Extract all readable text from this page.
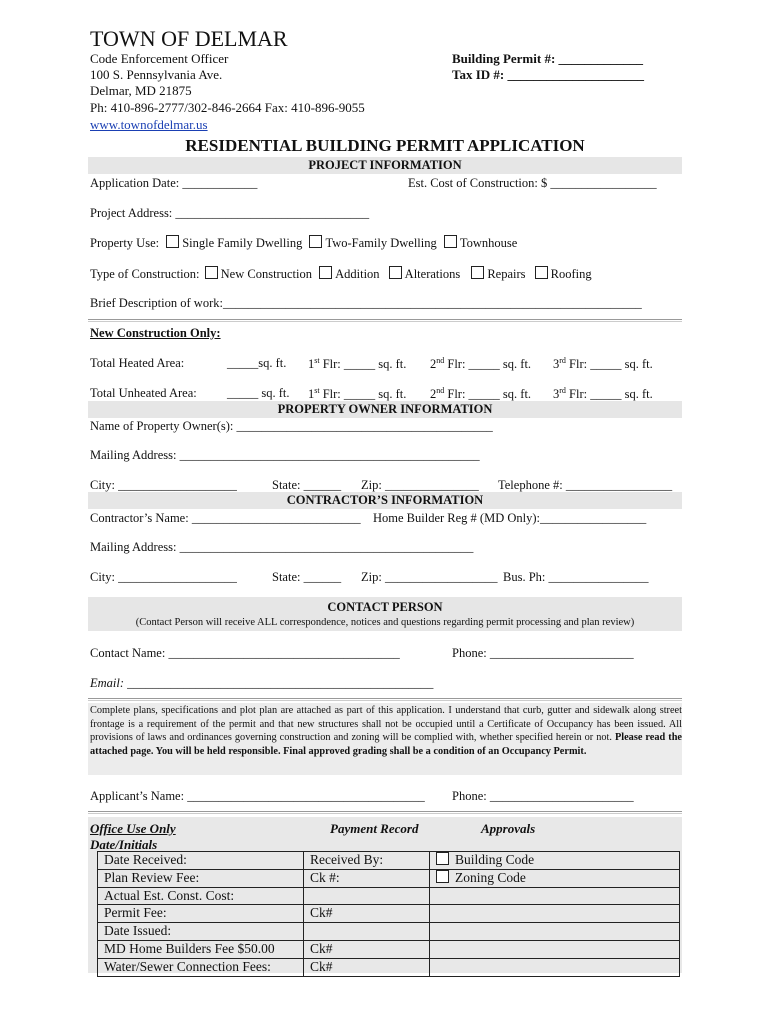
TOWN OF DELMAR
Code Enforcement Officer
100 S. Pennsylvania Ave.
Delmar, MD 21875
Ph: 410-896-2777/302-846-2664 Fax: 410-896-9055
www.townofdelmar.us
Building Permit #: _____________
Tax ID #: _____________________
RESIDENTIAL BUILDING PERMIT APPLICATION
PROJECT INFORMATION
Application Date: ____________	Est. Cost of Construction: $ _________________
Project Address: _______________________________
Property Use: Single Family Dwelling Two-Family Dwelling Townhouse
Type of Construction: New Construction Addition Alterations Repairs Roofing
Brief Description of work:___________________________________________________________________
New Construction Only:
Total Heated Area:	_____sq. ft. 1st Flr: _____ sq. ft. 2nd Flr: _____ sq. ft. 3rd Flr: _____ sq. ft.
Total Unheated Area: _____ sq. ft. 1st Flr: _____ sq. ft. 2nd Flr: _____ sq. ft. 3rd Flr: _____ sq. ft.
PROPERTY OWNER INFORMATION
Name of Property Owner(s): _________________________________________
Mailing Address: ________________________________________________
City: ___________________	State: ______ Zip: _______________ Telephone #: _________________
CONTRACTOR’S INFORMATION
Contractor’s Name: ___________________________ Home Builder Reg # (MD Only):_________________
Mailing Address: _______________________________________________
City: ___________________	State: ______ Zip: __________________ Bus. Ph: ________________
CONTACT PERSON
(Contact Person will receive ALL correspondence, notices and questions regarding permit processing and plan review)
Contact Name: _____________________________________	Phone: _______________________
Email: _________________________________________________
Complete plans, specifications and plot plan are attached as part of this application. I understand that curb, gutter and sidewalk along street frontage is a requirement of the permit and that new structures shall not be occupied until a Certificate of Occupancy has been issued. All provisions of laws and ordinances governing construction and zoning will be complied with, whether specified herein or not. Please read the attached page. You will be held responsible. Final approved grading shall be a condition of an Occupancy Permit.
Applicant’s Name: ______________________________________ Phone: _______________________
Office Use Only
Date/Initials
Payment Record	Approvals
Date Received:	Received By:	Building Code
Plan Review Fee:	Ck #:	Zoning Code
Actual Est. Const. Cost:		
Permit Fee:	Ck#	
Date Issued:		
MD Home Builders Fee $50.00	Ck#	
Water/Sewer Connection Fees:	Ck#	
